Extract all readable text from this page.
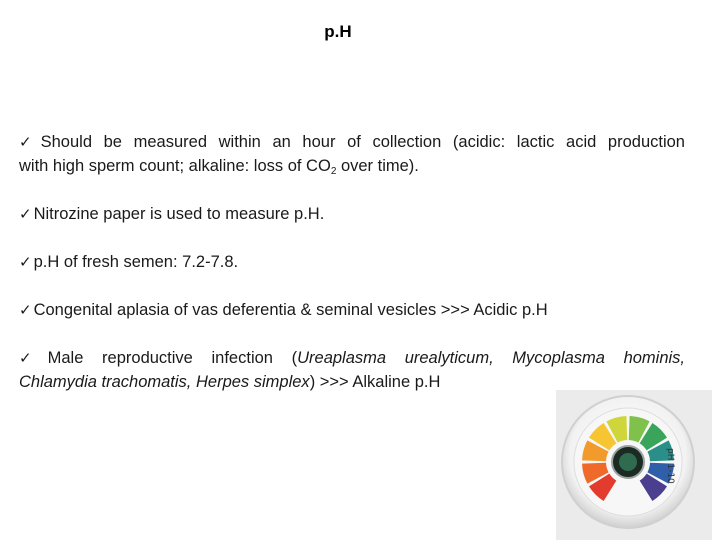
p.H
✓ Should be measured within an hour of collection (acidic: lactic acid production
with high sperm count; alkaline: loss of $CO_2$ over time).
✓ Nitrozine paper is used to measure p.H.
✓ p.H of fresh semen: 7.2-7.8.
✓ Congenital aplasia of vas deferentia & seminal vesicles >>> Acidic p.H
✓ Male reproductive infection (Ureaplasma urealyticum, Mycoplasma hominis,
Chlamydia trachomatis, Herpes simplex) >>> Alkaline p.H
pH 1-10
